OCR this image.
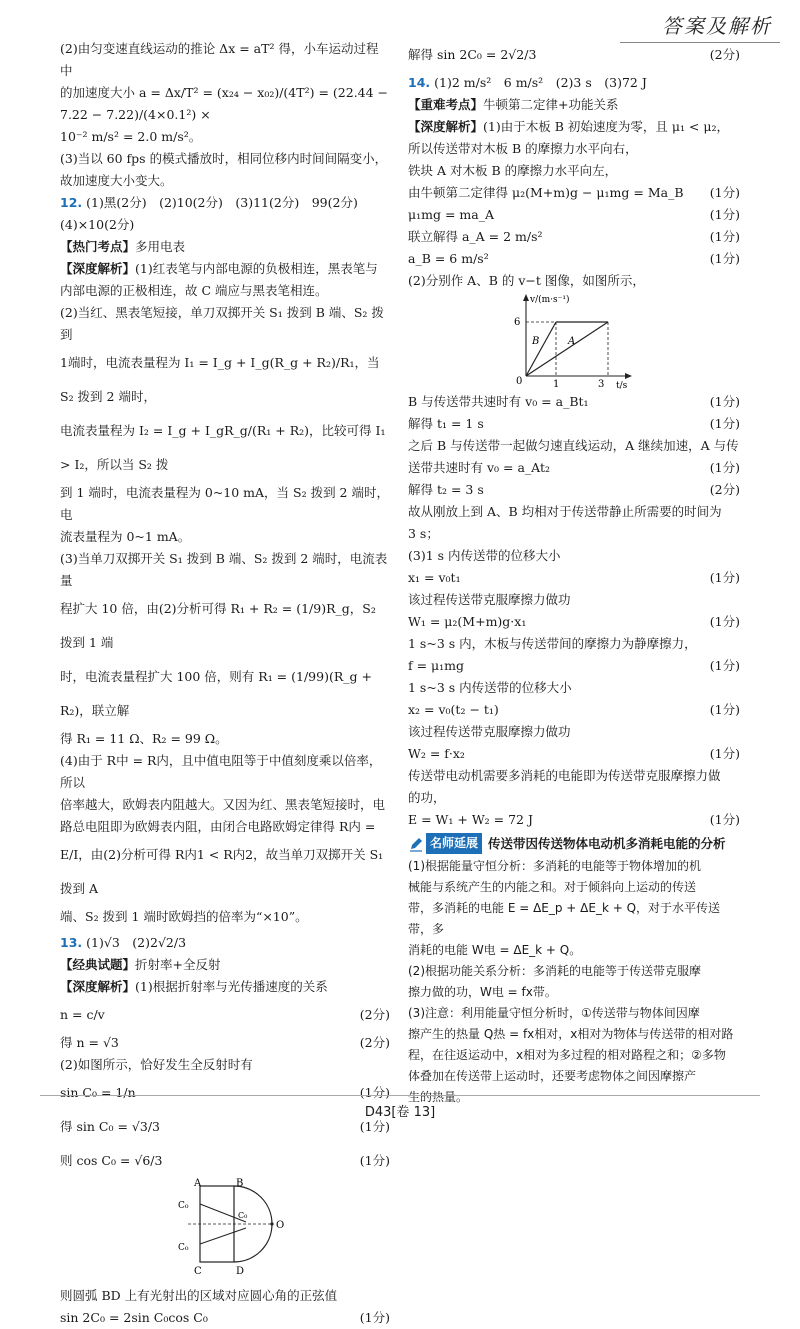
答案及解析

(2)由匀变速直线运动的推论 Δx = aT² 得，小车运动过程中

的加速度大小 a = Δx/T² = (x₂₄ − x₀₂)/(4T²) = (22.44 − 7.22 − 7.22)/(4×0.1²) ×

10⁻² m/s² = 2.0 m/s²。

(3)当以 60 fps 的模式播放时，相同位移内时间间隔变小，

故加速度大小变大。

12. (1)黑(2分)　(2)10(2分)　(3)11(2分)　99(2分)

(4)×10(2分)

【热门考点】多用电表

【深度解析】(1)红表笔与内部电源的负极相连，黑表笔与

内部电源的正极相连，故 C 端应与黑表笔相连。

(2)当红、黑表笔短接，单刀双掷开关 S₁ 拨到 B 端、S₂ 拨到

1端时，电流表量程为 I₁ = I_g + I_g(R_g + R₂)/R₁，当 S₂ 拨到 2 端时，

电流表量程为 I₂ = I_g + I_gR_g/(R₁ + R₂)，比较可得 I₁ > I₂，所以当 S₂ 拨

到 1 端时，电流表量程为 0~10 mA，当 S₂ 拨到 2 端时，电

流表量程为 0~1 mA。

(3)当单刀双掷开关 S₁ 拨到 B 端、S₂ 拨到 2 端时，电流表量

程扩大 10 倍，由(2)分析可得 R₁ + R₂ = (1/9)R_g，S₂ 拨到 1 端

时，电流表量程扩大 100 倍，则有 R₁ = (1/99)(R_g + R₂)，联立解

得 R₁ = 11 Ω、R₂ = 99 Ω。

(4)由于 R中 = R内，且中值电阻等于中值刻度乘以倍率，所以

倍率越大，欧姆表内阻越大。又因为红、黑表笔短接时，电

路总电阻即为欧姆表内阻，由闭合电路欧姆定律得 R内 =

E/I，由(2)分析可得 R内1 < R内2，故当单刀双掷开关 S₁ 拨到 A

端、S₂ 拨到 1 端时欧姆挡的倍率为“×10”。

13. (1)√3　(2)2√2/3

【经典试题】折射率+全反射

【深度解析】(1)根据折射率与光传播速度的关系

n = c/v	(2分)
得 n = √3	(2分)

(2)如图所示，恰好发生全反射时有

sin C₀ = 1/n	(1分)
得 sin C₀ = √3/3	(1分)
则 cos C₀ = √6/3	(1分)
A	B
C	D
O
C₀
C₀
C₀

则圆弧 BD 上有光射出的区域对应圆心角的正弦值

sin 2C₀ = 2sin C₀cos C₀	(1分)
解得 sin 2C₀ = 2√2/3	(2分)

14. (1)2 m/s²　6 m/s²　(2)3 s　(3)72 J

【重难考点】牛顿第二定律+功能关系

【深度解析】(1)由于木板 B 初始速度为零，且 μ₁ < μ₂，

所以传送带对木板 B 的摩擦力水平向右，

铁块 A 对木板 B 的摩擦力水平向左，

由牛顿第二定律得 μ₂(M+m)g − μ₁mg = Ma_B (1分)
μ₁mg = ma_A	(1分)
联立解得 a_A = 2 m/s²	(1分)
a_B = 6 m/s²	(1分)

(2)分别作 A、B 的 v−t 图像，如图所示，

v/(m·s⁻¹)
t/s
6
1	3
0
B	A
B 与传送带共速时有 v₀ = a_Bt₁	(1分)
解得 t₁ = 1 s	(1分)

之后 B 与传送带一起做匀速直线运动，A 继续加速，A 与传

送带共速时有 v₀ = a_At₂	(1分)
解得 t₂ = 3 s	(2分)

故从刚放上到 A、B 均相对于传送带静止所需要的时间为

3 s；

(3)1 s 内传送带的位移大小

x₁ = v₀t₁	(1分)

该过程传送带克服摩擦力做功

W₁ = μ₂(M+m)g·x₁	(1分)

1 s~3 s 内，木板与传送带间的摩擦力为静摩擦力，

f = μ₁mg	(1分)

1 s~3 s 内传送带的位移大小

x₂ = v₀(t₂ − t₁)	(1分)

该过程传送带克服摩擦力做功

W₂ = f·x₂	(1分)

传送带电动机需要多消耗的电能即为传送带克服摩擦力做

的功，

E = W₁ + W₂ = 72 J	(1分)
名师延展 传送带因传送物体电动机多消耗电能的分析

(1)根据能量守恒分析：多消耗的电能等于物体增加的机

械能与系统产生的内能之和。对于倾斜向上运动的传送

带，多消耗的电能 E = ΔE_p + ΔE_k + Q，对于水平传送带，多

消耗的电能 W电 = ΔE_k + Q。

(2)根据功能关系分析：多消耗的电能等于传送带克服摩

擦力做的功，W电 = fx带。

(3)注意：利用能量守恒分析时，①传送带与物体间因摩

擦产生的热量 Q热 = fx相对，x相对为物体与传送带的相对路

程，在往返运动中，x相对为多过程的相对路程之和；②多物

体叠加在传送带上运动时，还要考虑物体之间因摩擦产

生的热量。

D43[卷 13]
